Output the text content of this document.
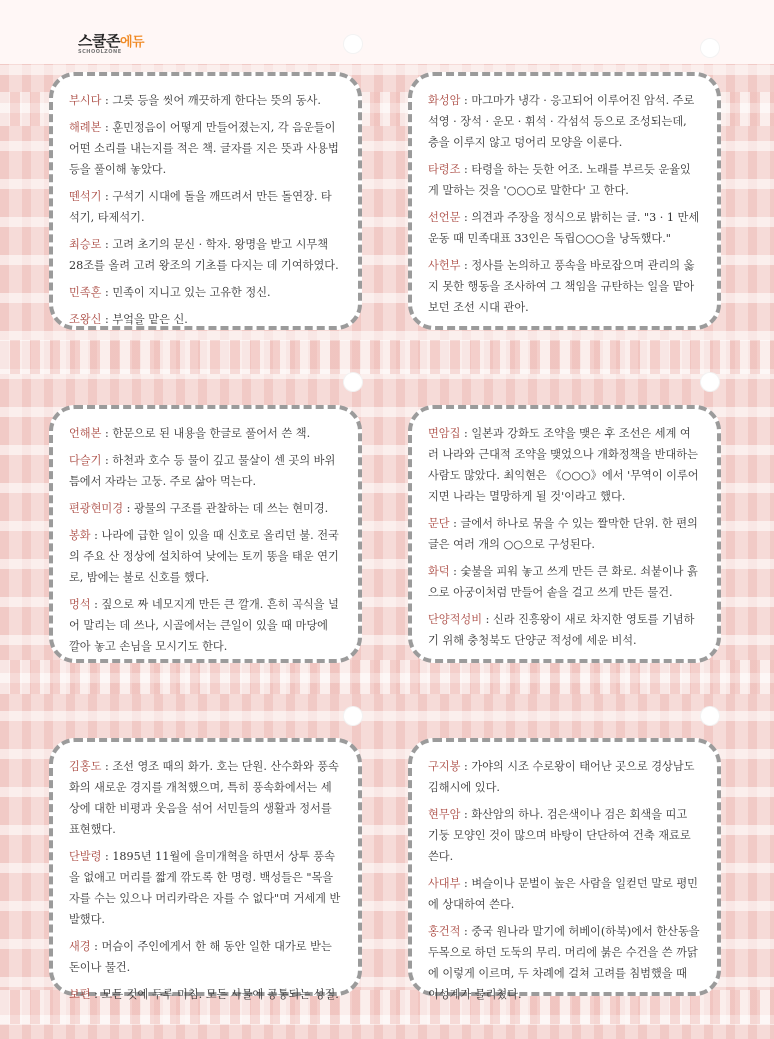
스쿨존에듀
SCHOOLZONE
부시다 : 그릇 등을 씻어 깨끗하게 한다는 뜻의 동사.
해례본 : 훈민정음이 어떻게 만들어졌는지, 각 음운들이 어떤 소리를 내는지를 적은 책. 글자를 지은 뜻과 사용법 등을 풀이해 놓았다.
뗀석기 : 구석기 시대에 돌을 깨뜨려서 만든 돌연장. 타석기, 타제석기.
최승로 : 고려 초기의 문신 · 학자. 왕명을 받고 시무책 28조를 올려 고려 왕조의 기초를 다지는 데 기여하였다.
민족혼 : 민족이 지니고 있는 고유한 정신.
조왕신 : 부엌을 맡은 신.
화성암 : 마그마가 냉각 · 응고되어 이루어진 암석. 주로 석영 · 장석 · 운모 · 휘석 · 각섬석 등으로 조성되는데, 층을 이루지 않고 덩어리 모양을 이룬다.
타령조 : 타령을 하는 듯한 어조. 노래를 부르듯 운율있게 말하는 것을 '○○○로 말한다' 고 한다.
선언문 : 의견과 주장을 정식으로 밝히는 글. "3 · 1 만세 운동 때 민족대표 33인은 독립○○○을 낭독했다."
사헌부 : 정사를 논의하고 풍속을 바로잡으며 관리의 옳지 못한 행동을 조사하여 그 책임을 규탄하는 일을 맡아보던 조선 시대 관아.
언해본 : 한문으로 된 내용을 한글로 풀어서 쓴 책.
다슬기 : 하천과 호수 등 물이 깊고 물살이 센 곳의 바위틈에서 자라는 고둥. 주로 삶아 먹는다.
편광현미경 : 광물의 구조를 관찰하는 데 쓰는 현미경.
봉화 : 나라에 급한 일이 있을 때 신호로 올리던 불. 전국의 주요 산 정상에 설치하여 낮에는 토끼 똥을 태운 연기로, 밤에는 불로 신호를 했다.
멍석 : 짚으로 짜 네모지게 만든 큰 깔개. 흔히 곡식을 널어 말리는 데 쓰나, 시골에서는 큰일이 있을 때 마당에 깔아 놓고 손님을 모시기도 한다.
면암집 : 일본과 강화도 조약을 맺은 후 조선은 세계 여러 나라와 근대적 조약을 맺었으나 개화정책을 반대하는 사람도 많았다. 최익현은 《○○○》에서 '무역이 이루어지면 나라는 멸망하게 될 것'이라고 했다.
문단 : 글에서 하나로 묶을 수 있는 짤막한 단위. 한 편의 글은 여러 개의 ○○으로 구성된다.
화덕 : 숯불을 피워 놓고 쓰게 만든 큰 화로. 쇠붙이나 흙으로 아궁이처럼 만들어 솥을 걸고 쓰게 만든 물건.
단양적성비 : 신라 진흥왕이 새로 차지한 영토를 기념하기 위해 충청북도 단양군 적성에 세운 비석.
김홍도 : 조선 영조 때의 화가. 호는 단원. 산수화와 풍속화의 새로운 경지를 개척했으며, 특히 풍속화에서는 세상에 대한 비평과 웃음을 섞어 서민들의 생활과 정서를 표현했다.
단발령 : 1895년 11월에 을미개혁을 하면서 상투 풍속을 없애고 머리를 짧게 깎도록 한 명령. 백성들은 "목을 자를 수는 있으나 머리카락은 자를 수 없다"며 거세게 반발했다.
새경 : 머슴이 주인에게서 한 해 동안 일한 대가로 받는 돈이나 물건.
보편 : 모든 것에 두루 미침. 모든 사물에 공통되는 성질.
구지봉 : 가야의 시조 수로왕이 태어난 곳으로 경상남도 김해시에 있다.
현무암 : 화산암의 하나. 검은색이나 검은 회색을 띠고 기둥 모양인 것이 많으며 바탕이 단단하여 건축 재료로 쓴다.
사대부 : 벼슬이나 문벌이 높은 사람을 일컫던 말로 평민에 상대하여 쓴다.
홍건적 : 중국 원나라 말기에 허베이(하북)에서 한산동을 두목으로 하던 도둑의 무리. 머리에 붉은 수건을 쓴 까닭에 이렇게 이르며, 두 차례에 걸쳐 고려를 침범했을 때 이성계가 물리쳤다.
